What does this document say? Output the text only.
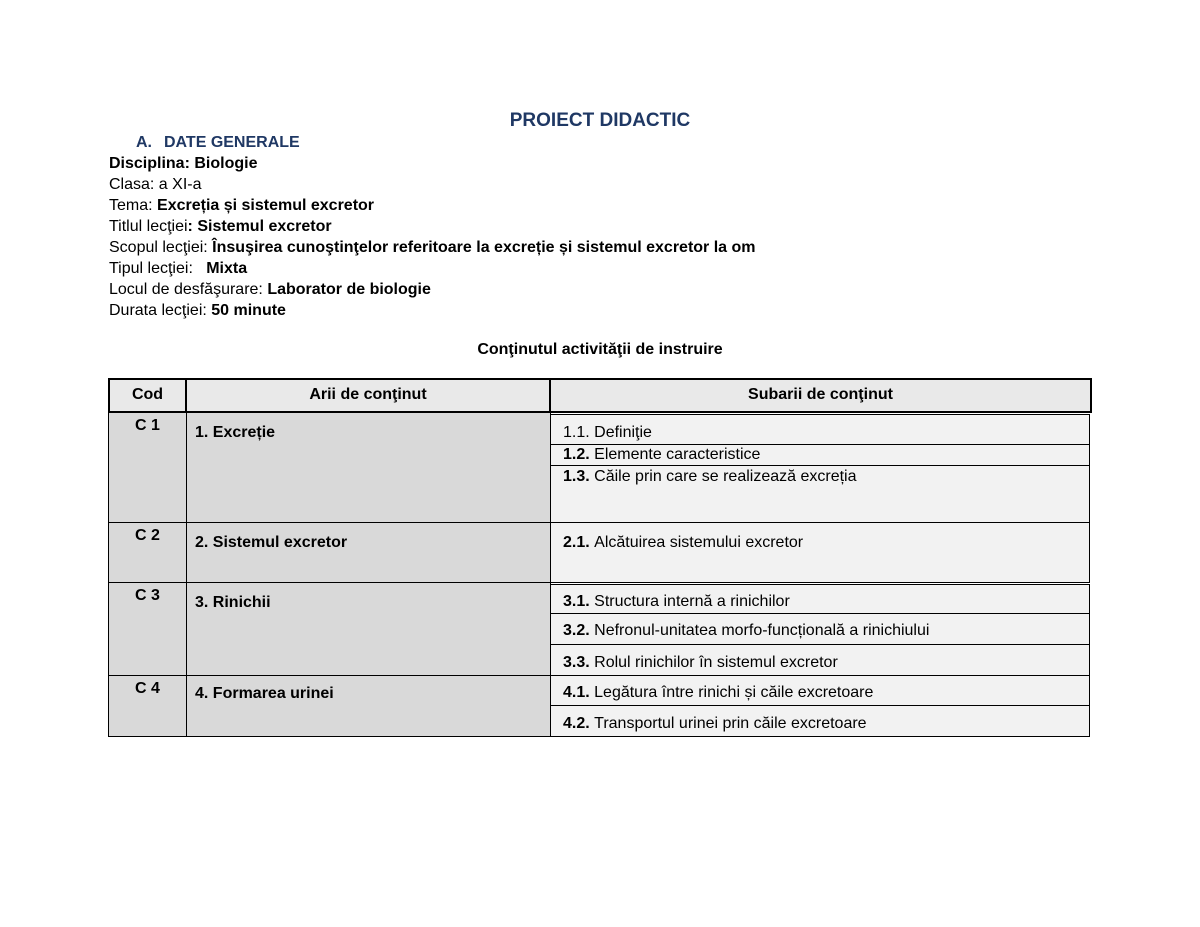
PROIECT DIDACTIC
A. DATE GENERALE
Disciplina: Biologie
Clasa: a XI-a
Tema: Excreția și sistemul excretor
Titlul lecţiei: Sistemul excretor
Scopul lecţiei: Însuşirea cunoştinţelor referitoare la excreție și sistemul excretor la om
Tipul lecţiei:   Mixta
Locul de desfăşurare: Laborator de biologie
Durata lecţiei: 50 minute
Conţinutul activităţii de instruire
Cod	Arii de conţinut	Subarii de conţinut
C 1	1. Excreție	1.1. Definiţie
1.2. Elemente caracteristice
1.3. Căile prin care se realizează excreția
C 2	2. Sistemul excretor	2.1. Alcătuirea sistemului excretor
C 3	3. Rinichii	3.1. Structura internă a rinichilor
3.2. Nefronul-unitatea morfo-funcțională a rinichiului
3.3. Rolul rinichilor în sistemul excretor
C 4	4. Formarea urinei	4.1. Legătura între rinichi și căile excretoare
4.2. Transportul urinei prin căile excretoare
